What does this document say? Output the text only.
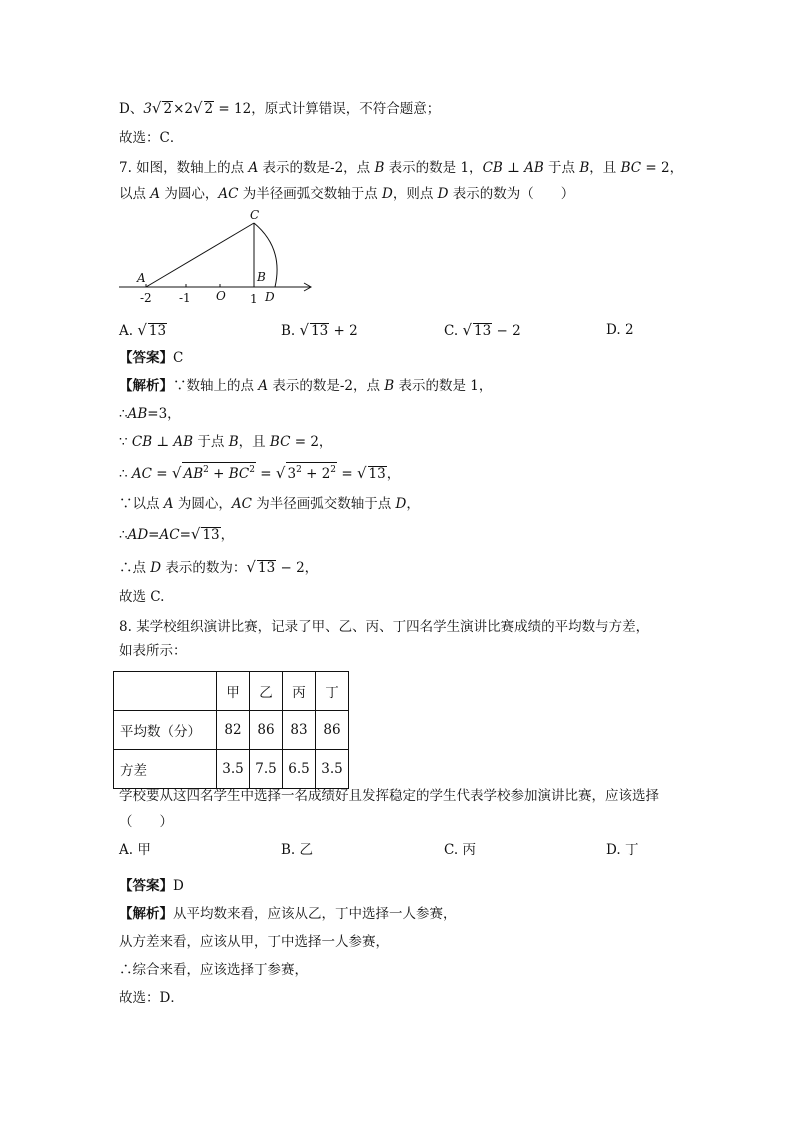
D、3√ 2×2√ 2 = 12，原式计算错误，不符合题意；
故选：C．
7. 如图，数轴上的点 A 表示的数是-2，点 B 表示的数是 1，CB ⊥ AB 于点 B，且 BC = 2，
以点 A 为圆心，AC 为半径画弧交数轴于点 D，则点 D 表示的数为（　　）
A
C
B
D
O
-2 -1	1
A. √ 13	B. √ 13 + 2	C. √ 13 − 2	D. 2
【答案】C
【解析】∵数轴上的点 A 表示的数是-2，点 B 表示的数是 1，
∴AB=3，
∵ CB ⊥ AB 于点 B，且 BC = 2，
∴ AC = √ $AB^2 + BC^2$ = √ $3^2 + 2^2$ = √ 13，
∵以点 A 为圆心，AC 为半径画弧交数轴于点 D，
∴AD=AC=√ 13，
∴点 D 表示的数为：√ 13 − 2，
故选 C.
8. 某学校组织演讲比赛，记录了甲、乙、丙、丁四名学生演讲比赛成绩的平均数与方差，
如表所示：
	甲	乙	丙	丁
平均数（分）	82	86	83	86
方差	3.5	7.5	6.5	3.5
学校要从这四名学生中选择一名成绩好且发挥稳定的学生代表学校参加演讲比赛，应该选择
（　　）
A. 甲	B. 乙	C. 丙	D. 丁
【答案】D
【解析】从平均数来看，应该从乙，丁中选择一人参赛，
从方差来看，应该从甲，丁中选择一人参赛，
∴综合来看，应该选择丁参赛，
故选：D．
